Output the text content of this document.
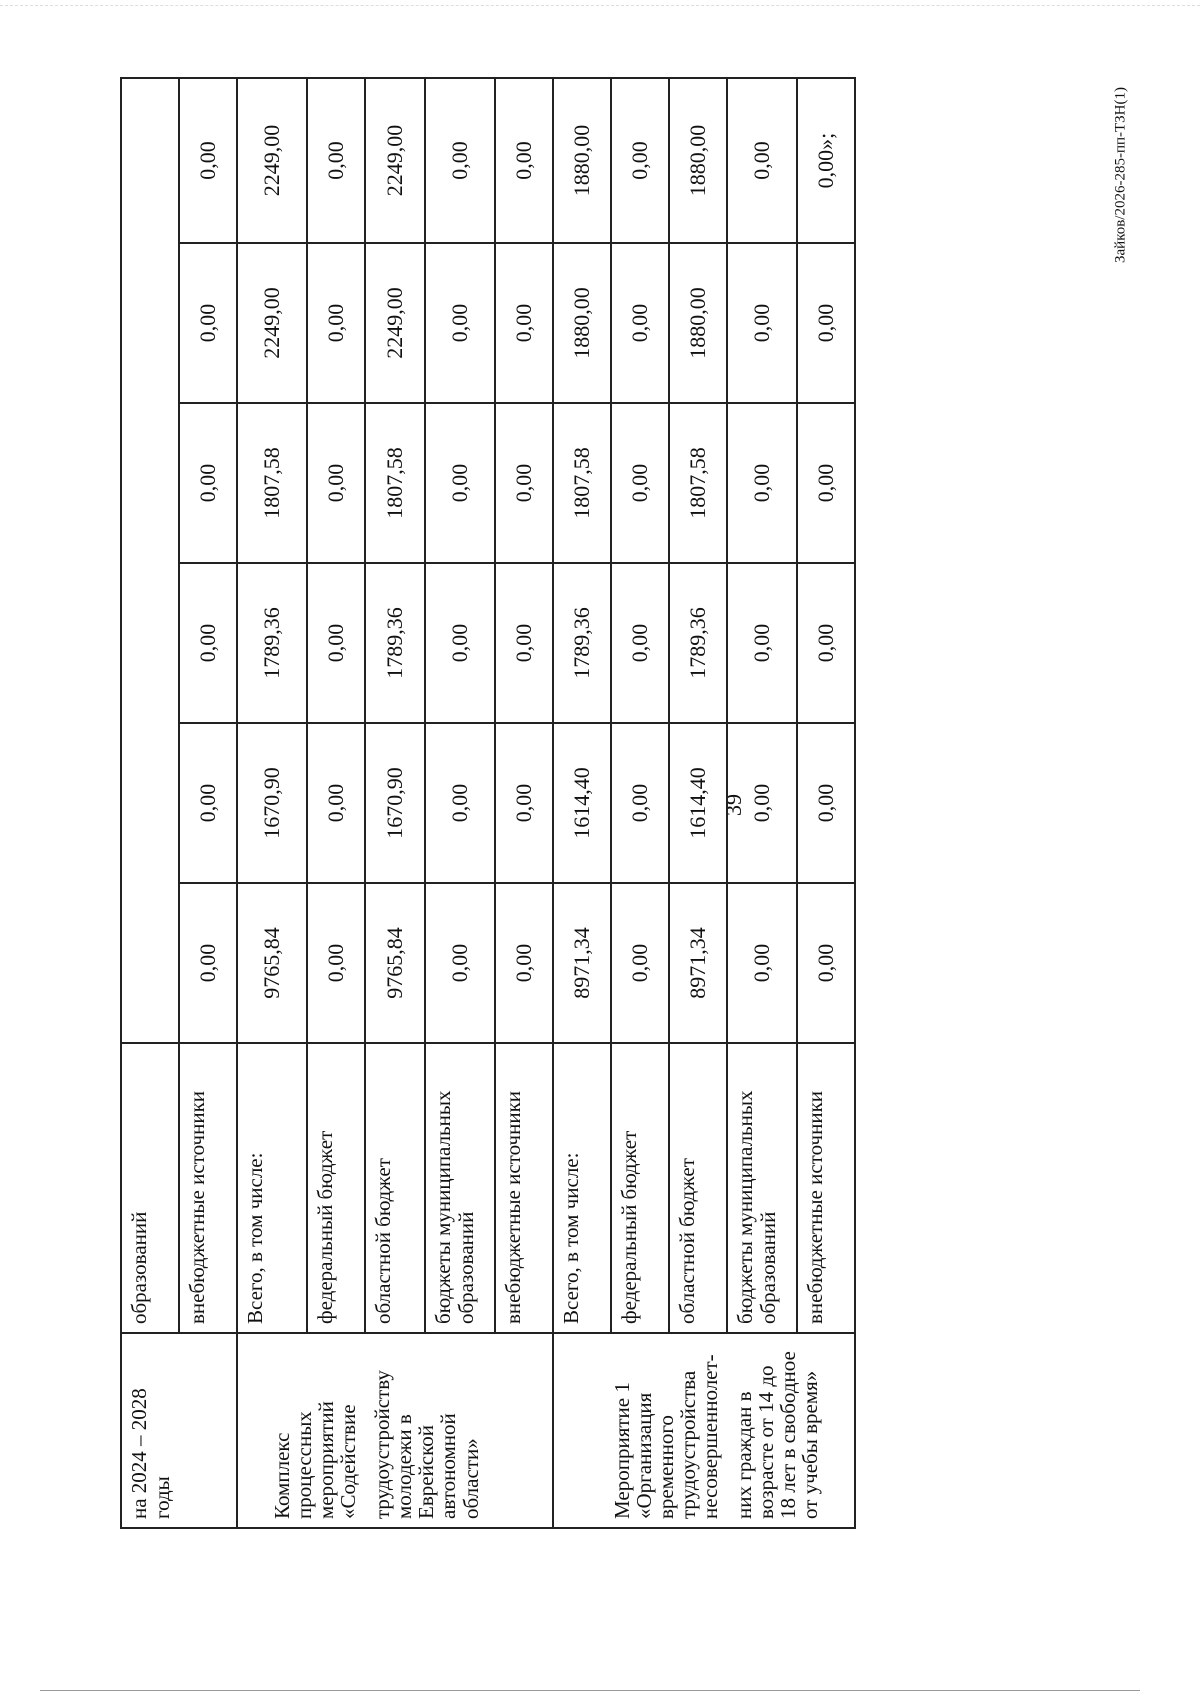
39
Зайков/2026-285-пп-ТЗН(1)
на 2024 – 2028 годы	образований						
	внебюджетные источники	0,00	0,00	0,00	0,00	0,00	0,00
Комплекс процессных мероприятий «Содействие	Всего, в том числе:	9765,84	1670,90	1789,36	1807,58	2249,00	2249,00
	федеральный бюджет	0,00	0,00	0,00	0,00	0,00	0,00
трудоустройству молодежи в Еврейской автономной области»	областной бюджет	9765,84	1670,90	1789,36	1807,58	2249,00	2249,00
	бюджеты муниципальных образований	0,00	0,00	0,00	0,00	0,00	0,00
	внебюджетные источники	0,00	0,00	0,00	0,00	0,00	0,00
Мероприятие 1 «Организация временного трудоустройства несовершеннолет-	Всего, в том числе:	8971,34	1614,40	1789,36	1807,58	1880,00	1880,00
	федеральный бюджет	0,00	0,00	0,00	0,00	0,00	0,00
	областной бюджет	8971,34	1614,40	1789,36	1807,58	1880,00	1880,00
них граждан в возрасте от 14 до 18 лет в свободное от учебы время»	бюджеты муниципальных образований	0,00	0,00	0,00	0,00	0,00	0,00
	внебюджетные источники	0,00	0,00	0,00	0,00	0,00	0,00»;
